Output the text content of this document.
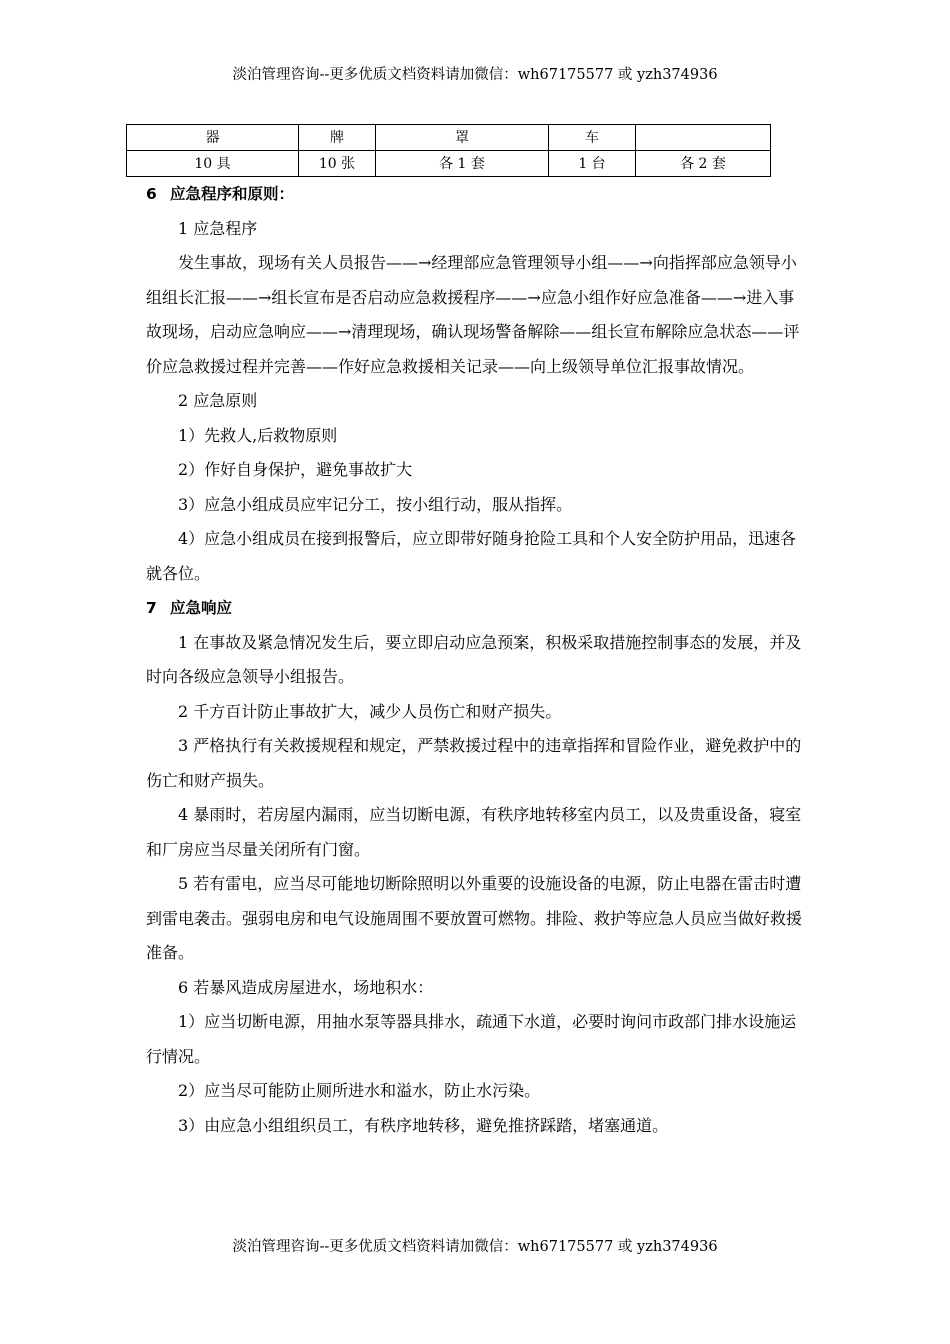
淡泊管理咨询--更多优质文档资料请加微信：wh67175577 或 yzh374936
器	牌	罩	车	
10 具	10 张	各 1 套	1 台	各 2 套

6 应急程序和原则：

1 应急程序

发生事故，现场有关人员报告——→经理部应急管理领导小组——→向指挥部应急领导小组组长汇报——→组长宣布是否启动应急救援程序——→应急小组作好应急准备——→进入事故现场，启动应急响应——→清理现场，确认现场警备解除——组长宣布解除应急状态——评价应急救援过程并完善——作好应急救援相关记录——向上级领导单位汇报事故情况。

2 应急原则

1）先救人,后救物原则

2）作好自身保护，避免事故扩大

3）应急小组成员应牢记分工，按小组行动，服从指挥。

4）应急小组成员在接到报警后，应立即带好随身抢险工具和个人安全防护用品，迅速各就各位。

7 应急响应

1 在事故及紧急情况发生后，要立即启动应急预案，积极采取措施控制事态的发展，并及时向各级应急领导小组报告。

2 千方百计防止事故扩大，减少人员伤亡和财产损失。

3 严格执行有关救援规程和规定，严禁救援过程中的违章指挥和冒险作业，避免救护中的伤亡和财产损失。

4 暴雨时，若房屋内漏雨，应当切断电源，有秩序地转移室内员工，以及贵重设备，寝室和厂房应当尽量关闭所有门窗。

5 若有雷电，应当尽可能地切断除照明以外重要的设施设备的电源，防止电器在雷击时遭到雷电袭击。强弱电房和电气设施周围不要放置可燃物。排险、救护等应急人员应当做好救援准备。

6 若暴风造成房屋进水，场地积水：

1）应当切断电源，用抽水泵等器具排水，疏通下水道，必要时询问市政部门排水设施运行情况。

2）应当尽可能防止厕所进水和溢水，防止水污染。

3）由应急小组组织员工，有秩序地转移，避免推挤踩踏，堵塞通道。

淡泊管理咨询--更多优质文档资料请加微信：wh67175577 或 yzh374936
